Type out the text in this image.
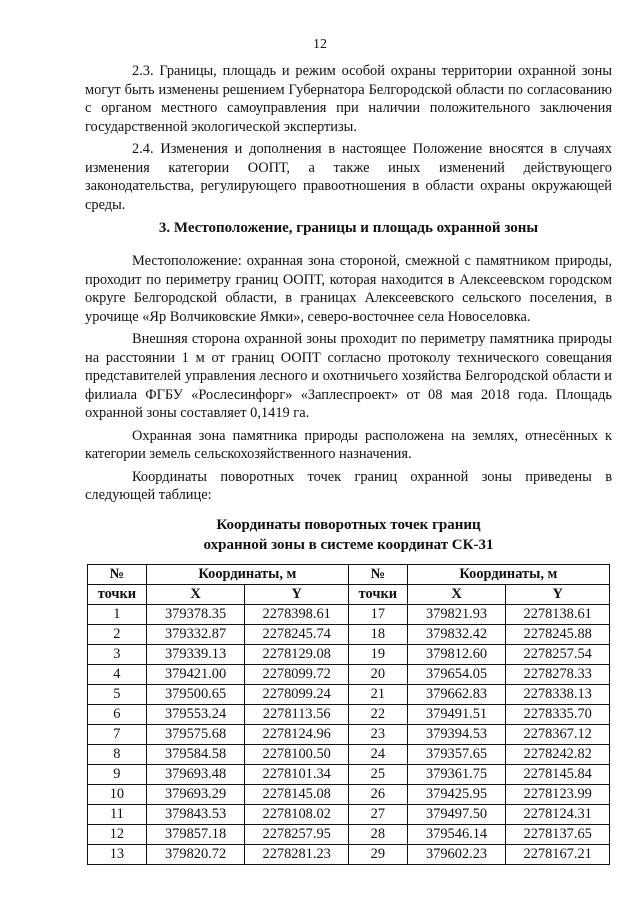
12

2.3. Границы, площадь и режим особой охраны территории охранной зоны могут быть изменены решением Губернатора Белгородской области по согласованию с органом местного самоуправления при наличии положительного заключения государственной экологической экспертизы.

2.4. Изменения и дополнения в настоящее Положение вносятся в случаях изменения категории ООПТ, а также иных изменений действующего законодательства, регулирующего правоотношения в области охраны окружающей среды.

3. Местоположение, границы и площадь охранной зоны

Местоположение: охранная зона стороной, смежной с памятником природы, проходит по периметру границ ООПТ, которая находится в Алексеевском городском округе Белгородской области, в границах Алексеевского сельского поселения, в урочище «Яр Волчиковские Ямки», северо-восточнее села Новоселовка.

Внешняя сторона охранной зоны проходит по периметру памятника природы на расстоянии 1 м от границ ООПТ согласно протоколу технического совещания представителей управления лесного и охотничьего хозяйства Белгородской области и филиала ФГБУ «Рослесинфорг» «Заплеспроект» от 08 мая 2018 года. Площадь охранной зоны составляет 0,1419 га.

Охранная зона памятника природы расположена на землях, отнесённых к категории земель сельскохозяйственного назначения.

Координаты поворотных точек границ охранной зоны приведены в следующей таблице:

Координаты поворотных точек границ
охранной зоны в системе координат СК-31
№	Координаты, м		№	Координаты, м	
точки	X	Y	точки	X	Y
1	379378.35	2278398.61	17	379821.93	2278138.61
2	379332.87	2278245.74	18	379832.42	2278245.88
3	379339.13	2278129.08	19	379812.60	2278257.54
4	379421.00	2278099.72	20	379654.05	2278278.33
5	379500.65	2278099.24	21	379662.83	2278338.13
6	379553.24	2278113.56	22	379491.51	2278335.70
7	379575.68	2278124.96	23	379394.53	2278367.12
8	379584.58	2278100.50	24	379357.65	2278242.82
9	379693.48	2278101.34	25	379361.75	2278145.84
10	379693.29	2278145.08	26	379425.95	2278123.99
11	379843.53	2278108.02	27	379497.50	2278124.31
12	379857.18	2278257.95	28	379546.14	2278137.65
13	379820.72	2278281.23	29	379602.23	2278167.21
